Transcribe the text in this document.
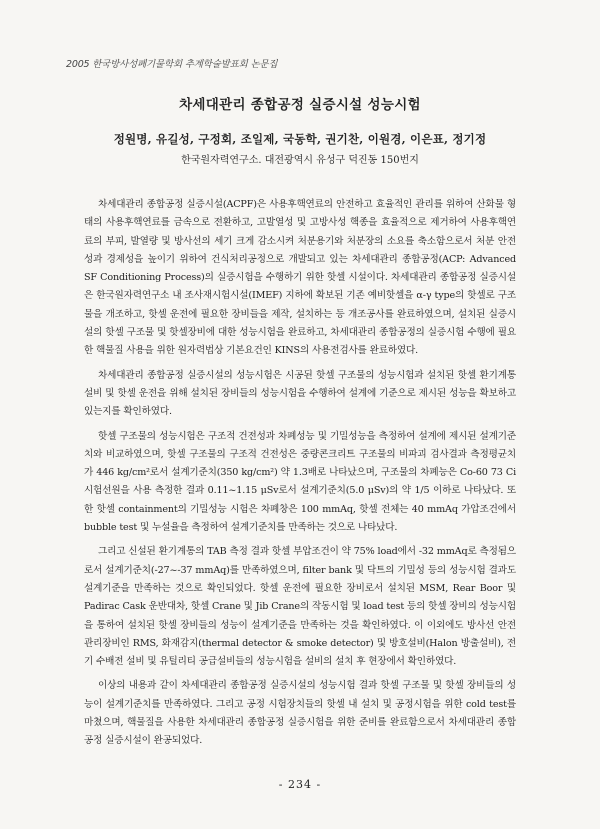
2005 한국방사성폐기물학회 추계학술발표회 논문집
차세대관리 종합공정 실증시설 성능시험
정원명, 유길성, 구정회, 조일제, 국동학, 권기찬, 이원경, 이은표, 정기정
한국원자력연구소. 대전광역시 유성구 덕진동 150번지

차세대관리 종합공정 실증시설(ACPF)은 사용후핵연료의 안전하고 효율적인 관리를 위하여 산화물 형태의 사용후핵연료를 금속으로 전환하고, 고발열성 및 고방사성 핵종을 효율적으로 제거하여 사용후핵연료의 부피, 발열량 및 방사선의 세기 크게 감소시켜 처분용기와 처분장의 소요를 축소함으로서 처분 안전성과 경제성을 높이기 위하여 건식처리공정으로 개발되고 있는 차세대관리 종합공정(ACP: Advanced SF Conditioning Process)의 실증시험을 수행하기 위한 핫셀 시설이다. 차세대관리 종합공정 실증시설은 한국원자력연구소 내 조사재시험시설(IMEF) 지하에 확보된 기존 예비핫셀을 α-γ type의 핫셀로 구조물을 개조하고, 핫셀 운전에 필요한 장비들을 제작, 설치하는 등 개조공사를 완료하였으며, 설치된 실증시설의 핫셀 구조물 및 핫셀장비에 대한 성능시험을 완료하고, 차세대관리 종합공정의 실증시험 수행에 필요한 핵물질 사용을 위한 원자력법상 기본요건인 KINS의 사용전검사를 완료하였다.

차세대관리 종합공정 실증시설의 성능시험은 시공된 핫셀 구조물의 성능시험과 설치된 핫셀 환기계통설비 및 핫셀 운전을 위해 설치된 장비들의 성능시험을 수행하여 설계에 기준으로 제시된 성능을 확보하고 있는지를 확인하였다.

핫셀 구조물의 성능시험은 구조적 건전성과 차폐성능 및 기밀성능을 측정하여 설계에 제시된 설계기준치와 비교하였으며, 핫셀 구조물의 구조적 건전성은 중량콘크리트 구조물의 비파괴 검사결과 측정평균치가 446 kg/cm²로서 설계기준치(350 kg/cm²) 약 1.3배로 나타났으며, 구조물의 차폐능은 Co-60 73 Ci 시험선원을 사용 측정한 결과 0.11~1.15 μSv로서 설계기준치(5.0 μSv)의 약 1/5 이하로 나타났다. 또한 핫셀 containment의 기밀성능 시험은 차폐창은 100 mmAq, 핫셀 전체는 40 mmAq 가압조건에서 bubble test 및 누설율을 측정하여 설계기준치를 만족하는 것으로 나타났다.

그리고 신설된 환기계통의 TAB 측정 결과 핫셀 부압조건이 약 75% load에서 -32 mmAq로 측정됨으로서 설계기준치(-27~-37 mmAq)를 만족하였으며, filter bank 및 닥트의 기밀성 등의 성능시험 결과도 설계기준을 만족하는 것으로 확인되었다. 핫셀 운전에 필요한 장비로서 설치된 MSM, Rear Boor 및 Padirac Cask 운반대차, 핫셀 Crane 및 Jib Crane의 작동시험 및 load test 등의 핫셀 장비의 성능시험을 통하여 설치된 핫셀 장비들의 성능이 설계기준을 만족하는 것을 확인하였다. 이 이외에도 방사선 안전관리장비인 RMS, 화재감지(thermal detector & smoke detector) 및 방호설비(Halon 방출설비), 전기 수배전 설비 및 유틸리티 공급설비들의 성능시험을 설비의 설치 후 현장에서 확인하였다.

이상의 내용과 같이 차세대관리 종합공정 실증시설의 성능시험 결과 핫셀 구조물 및 핫셀 장비들의 성능이 설계기준치를 만족하였다. 그리고 공정 시험장치들의 핫셀 내 설치 및 공정시험을 위한 cold test를 마쳤으며, 핵물질을 사용한 차세대관리 종합공정 실증시험을 위한 준비를 완료함으로서 차세대관리 종합공정 실증시설이 완공되었다.

- 234 -
